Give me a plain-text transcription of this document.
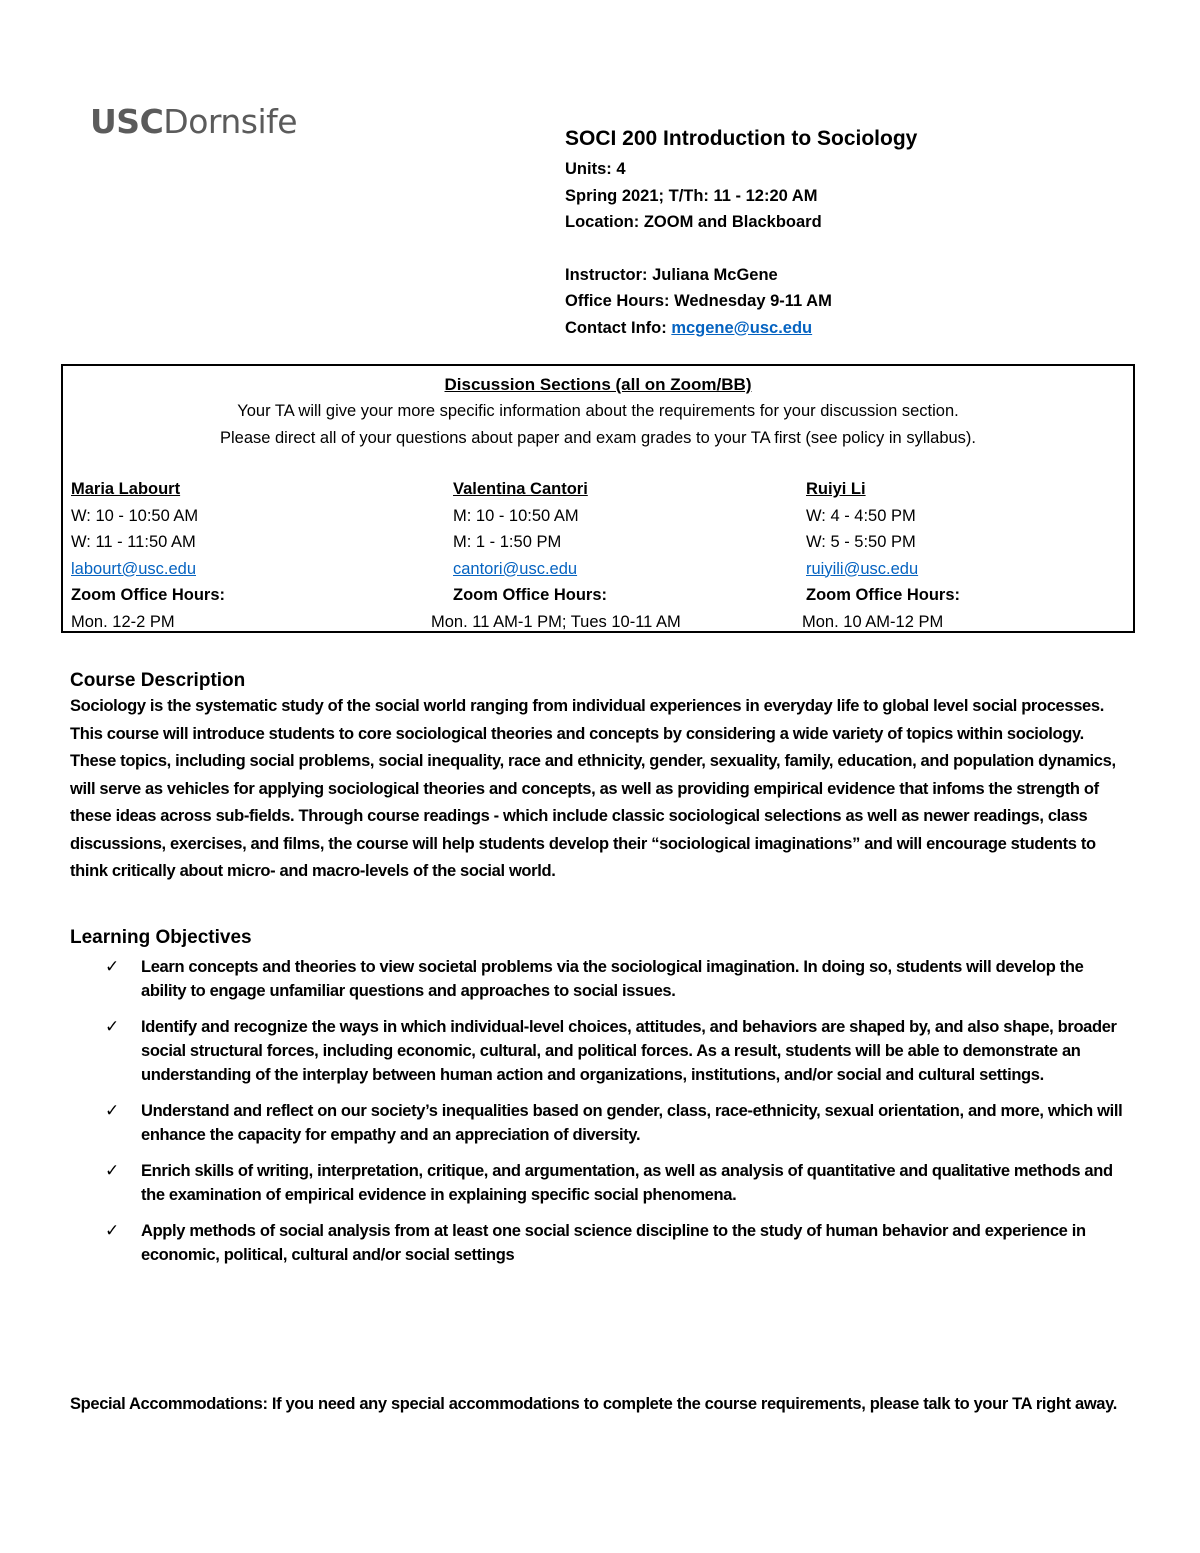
USCDornsife	SOCI 200 Introduction to Sociology
Units: 4
Spring 2021; T/Th: 11 - 12:20 AM
Location: ZOOM and Blackboard
Instructor: Juliana McGene
Office Hours: Wednesday 9-11 AM
Contact Info: mcgene@usc.edu
Discussion Sections (all on Zoom/BB)
Your TA will give your more specific information about the requirements for your discussion section.
Please direct all of your questions about paper and exam grades to your TA first (see policy in syllabus).
Maria Labourt
W: 10 - 10:50 AM
W: 11 - 11:50 AM
labourt@usc.edu
Zoom Office Hours:
Mon. 12-2 PM
Valentina Cantori
M: 10 - 10:50 AM
M: 1 - 1:50 PM
cantori@usc.edu
Zoom Office Hours:
Mon. 11 AM-1 PM; Tues 10-11 AM
Ruiyi Li
W: 4 - 4:50 PM
W: 5 - 5:50 PM
ruiyili@usc.edu
Zoom Office Hours:
Mon. 10 AM-12 PM
Course Description
Sociology is the systematic study of the social world ranging from individual experiences in everyday life to global level social processes. This course will introduce students to core sociological theories and concepts by considering a wide variety of topics within sociology. These topics, including social problems, social inequality, race and ethnicity, gender, sexuality, family, education, and population dynamics, will serve as vehicles for applying sociological theories and concepts, as well as providing empirical evidence that infoms the strength of these ideas across sub-fields. Through course readings - which include classic sociological selections as well as newer readings, class discussions, exercises, and films, the course will help students develop their “sociological imaginations” and will encourage students to think critically about micro- and macro-levels of the social world.
Learning Objectives
✓ Learn concepts and theories to view societal problems via the sociological imagination. In doing so, students will develop the ability to engage unfamiliar questions and approaches to social issues.
✓ Identify and recognize the ways in which individual-level choices, attitudes, and behaviors are shaped by, and also shape, broader social structural forces, including economic, cultural, and political forces. As a result, students will be able to demonstrate an understanding of the interplay between human action and organizations, institutions, and/or social and cultural settings.
✓ Understand and reflect on our society’s inequalities based on gender, class, race-ethnicity, sexual orientation, and more, which will enhance the capacity for empathy and an appreciation of diversity.
✓ Enrich skills of writing, interpretation, critique, and argumentation, as well as analysis of quantitative and qualitative methods and the examination of empirical evidence in explaining specific social phenomena.
✓ Apply methods of social analysis from at least one social science discipline to the study of human behavior and experience in economic, political, cultural and/or social settings
Special Accommodations: If you need any special accommodations to complete the course requirements, please talk to your TA right away.
